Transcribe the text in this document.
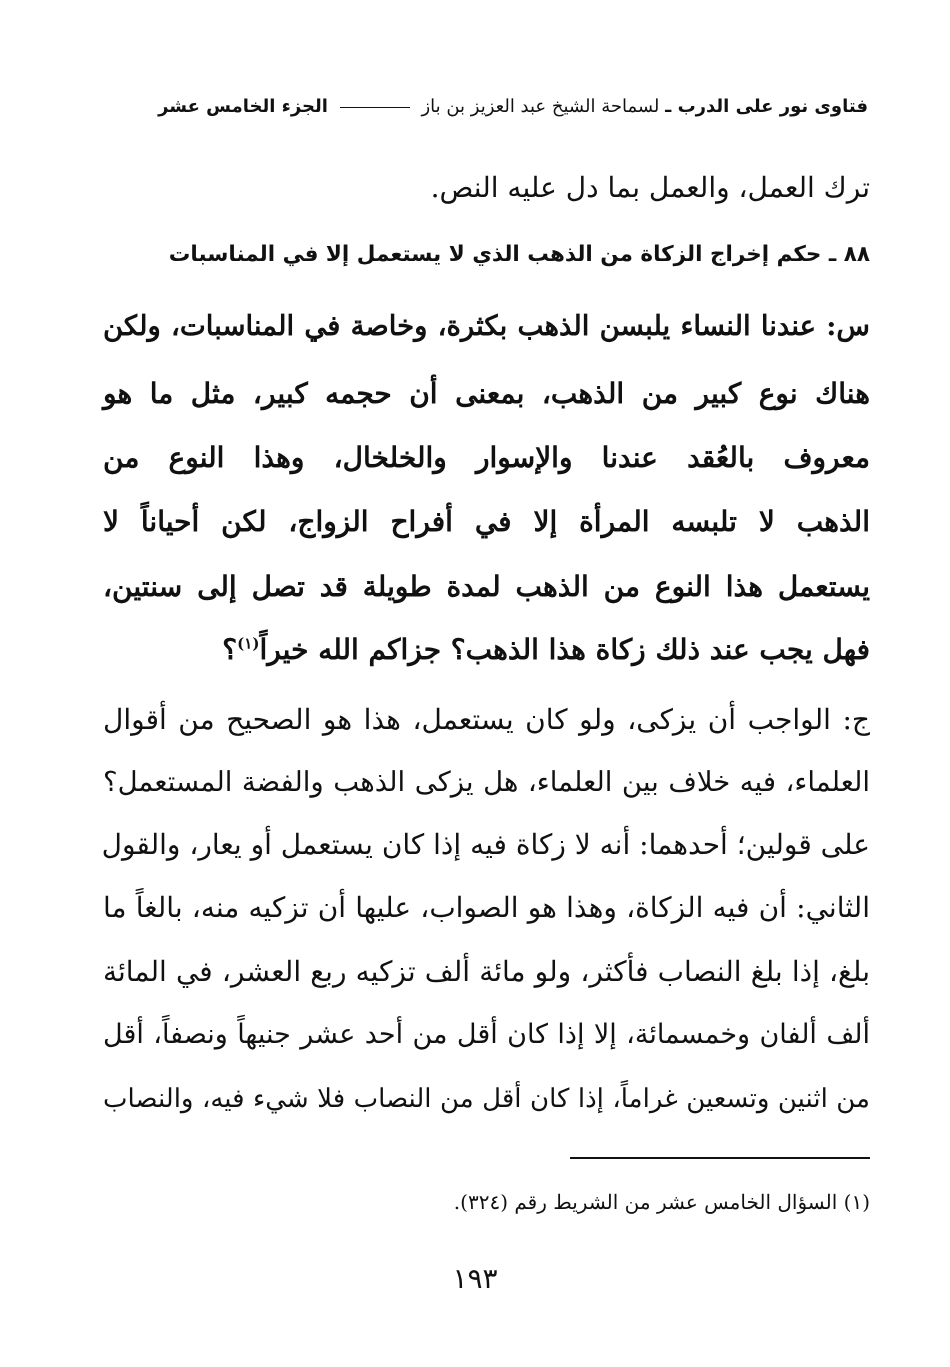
فتاوى نور على الدرب ـ لسماحة الشيخ عبد العزيز بن باز  الجزء الخامس عشر
ترك العمل، والعمل بما دل عليه النص.
٨٨ ـ حكم إخراج الزكاة من الذهب الذي لا يستعمل إلا في المناسبات
س: عندنا النساء يلبسن الذهب بكثرة، وخاصة في المناسبات، ولكن
هناك نوع كبير من الذهب، بمعنى أن حجمه كبير، مثل ما هو
معروف بالعُقد عندنا والإسوار والخلخال، وهذا النوع من
الذهب لا تلبسه المرأة إلا في أفراح الزواج، لكن أحياناً لا
يستعمل هذا النوع من الذهب لمدة طويلة قد تصل إلى سنتين،
فهل يجب عند ذلك زكاة هذا الذهب؟ جزاكم الله خيراً$^{(١)}$؟
ج: الواجب أن يزكى، ولو كان يستعمل، هذا هو الصحيح من أقوال
العلماء، فيه خلاف بين العلماء، هل يزكى الذهب والفضة المستعمل؟
على قولين؛ أحدهما: أنه لا زكاة فيه إذا كان يستعمل أو يعار، والقول
الثاني: أن فيه الزكاة، وهذا هو الصواب، عليها أن تزكيه منه، بالغاً ما
بلغ، إذا بلغ النصاب فأكثر، ولو مائة ألف تزكيه ربع العشر، في المائة
ألف ألفان وخمسمائة، إلا إذا كان أقل من أحد عشر جنيهاً ونصفاً، أقل
من اثنين وتسعين غراماً، إذا كان أقل من النصاب فلا شيء فيه، والنصاب
(١) السؤال الخامس عشر من الشريط رقم (٣٢٤).
١٩٣
